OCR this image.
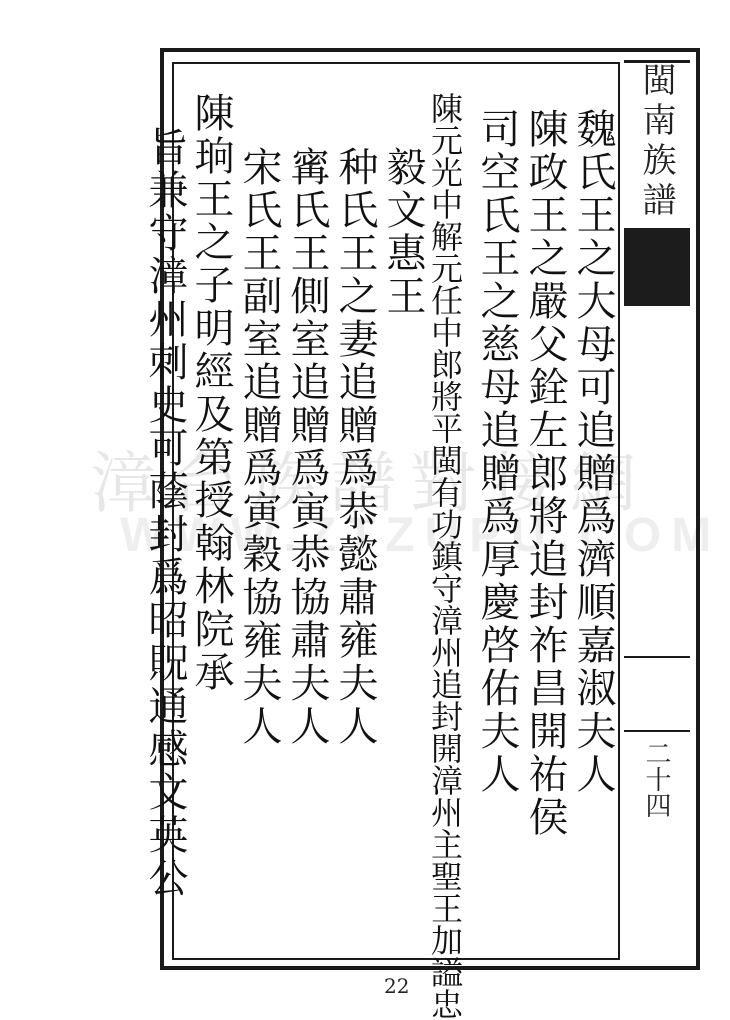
漳台族譜對接網
WWW.ZTZUPU.COM
閩南族譜
二十四
魏氏王之大母可追贈爲濟順嘉淑夫人
陳政王之嚴父銓左郎將追封祚昌開祐侯
司空氏王之慈母追贈爲厚慶啓佑夫人
陳元光中解元任中郎將平閩有功鎮守漳州追封開漳州主聖王加謚忠
毅文惠王
种氏王之妻追贈爲恭懿肅雍夫人
寗氏王側室追贈爲寅恭協肅夫人
宋氏王副室追贈爲寅穀協雍夫人
陳珦王之子明經及第授翰林院承
旨兼守漳州刺史可蔭封爲昭貺通感文英公
22
